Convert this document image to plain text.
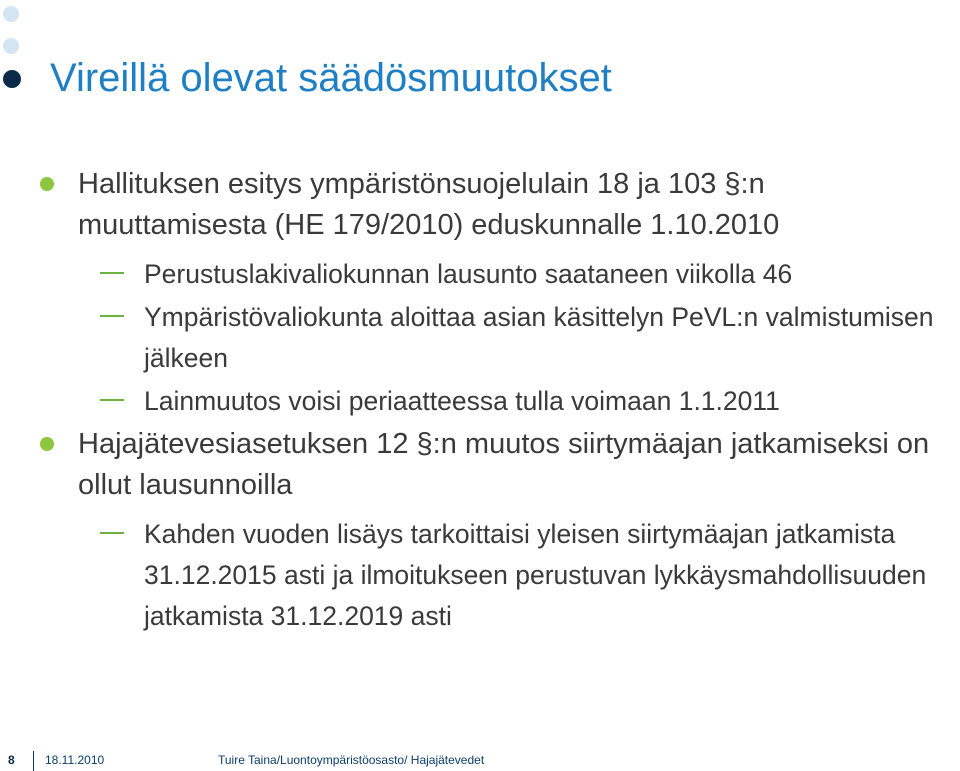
Vireillä olevat säädösmuutokset
Hallituksen esitys ympäristönsuojelulain 18 ja 103 §:n muuttamisesta (HE 179/2010) eduskunnalle 1.10.2010
Perustuslakivaliokunnan lausunto saataneen viikolla 46
Ympäristövaliokunta aloittaa asian käsittelyn PeVL:n valmistumisen jälkeen
Lainmuutos voisi periaatteessa tulla voimaan 1.1.2011
Hajajätevesiasetuksen 12 §:n muutos siirtymäajan jatkamiseksi on ollut lausunnoilla
Kahden vuoden lisäys tarkoittaisi yleisen siirtymäajan jatkamista 31.12.2015 asti ja ilmoitukseen perustuvan lykkäysmahdollisuuden jatkamista 31.12.2019 asti
8	18.11.2010	Tuire Taina/Luontoympäristöosasto/ Hajajätevedet
